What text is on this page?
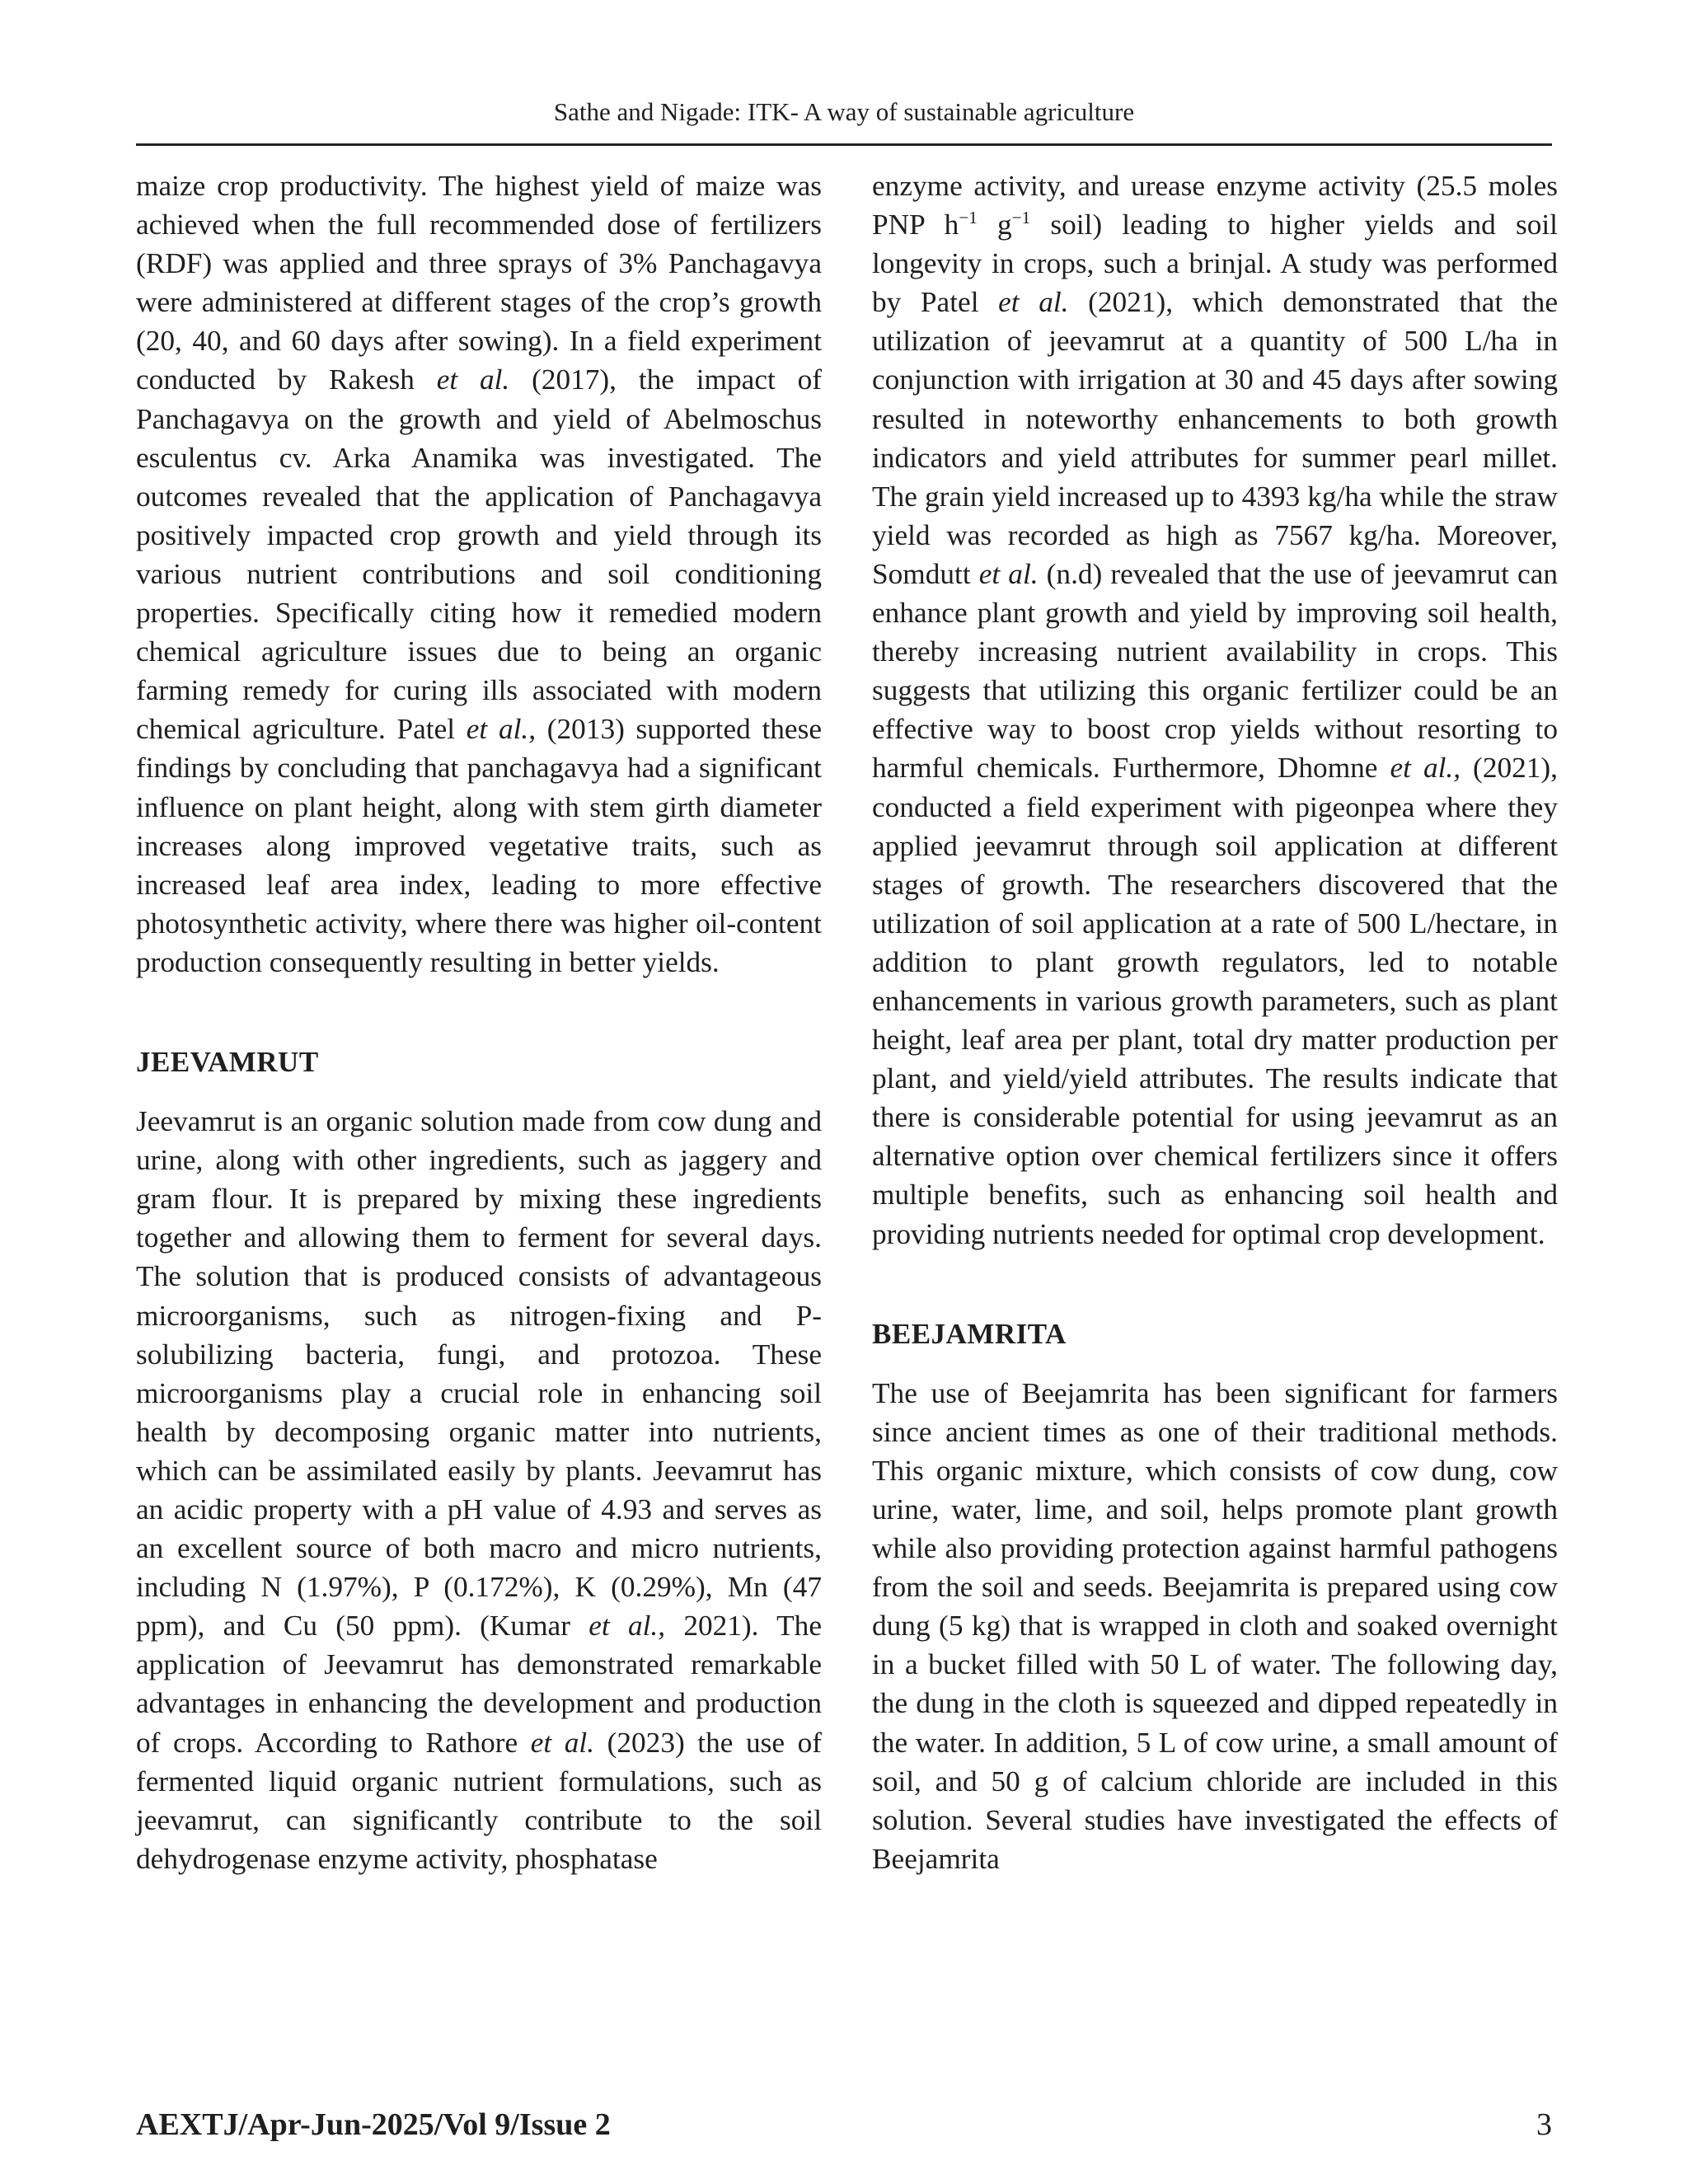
Sathe and Nigade: ITK- A way of sustainable agriculture

maize crop productivity. The highest yield of maize was achieved when the full recommended dose of fertilizers (RDF) was applied and three sprays of 3% Panchagavya were administered at different stages of the crop’s growth (20, 40, and 60 days after sowing). In a field experiment conducted by Rakesh et al. (2017), the impact of Panchagavya on the growth and yield of Abelmoschus esculentus cv. Arka Anamika was investigated. The outcomes revealed that the application of Panchagavya positively impacted crop growth and yield through its various nutrient contributions and soil conditioning properties. Specifically citing how it remedied modern chemical agriculture issues due to being an organic farming remedy for curing ills associated with modern chemical agriculture. Patel et al., (2013) supported these findings by concluding that panchagavya had a significant influence on plant height, along with stem girth diameter increases along improved vegetative traits, such as increased leaf area index, leading to more effective photosynthetic activity, where there was higher oil-content production consequently resulting in better yields.

JEEVAMRUT

Jeevamrut is an organic solution made from cow dung and urine, along with other ingredients, such as jaggery and gram flour. It is prepared by mixing these ingredients together and allowing them to ferment for several days. The solution that is produced consists of advantageous microorganisms, such as nitrogen-fixing and P-solubilizing bacteria, fungi, and protozoa. These microorganisms play a crucial role in enhancing soil health by decomposing organic matter into nutrients, which can be assimilated easily by plants. Jeevamrut has an acidic property with a pH value of 4.93 and serves as an excellent source of both macro and micro nutrients, including N (1.97%), P (0.172%), K (0.29%), Mn (47 ppm), and Cu (50 ppm). (Kumar et al., 2021). The application of Jeevamrut has demonstrated remarkable advantages in enhancing the development and production of crops. According to Rathore et al. (2023) the use of fermented liquid organic nutrient formulations, such as jeevamrut, can significantly contribute to the soil dehydrogenase enzyme activity, phosphatase

enzyme activity, and urease enzyme activity (25.5 moles PNP $h^{-1}$ $g^{-1}$ soil) leading to higher yields and soil longevity in crops, such a brinjal. A study was performed by Patel et al. (2021), which demonstrated that the utilization of jeevamrut at a quantity of 500 L/ha in conjunction with irrigation at 30 and 45 days after sowing resulted in noteworthy enhancements to both growth indicators and yield attributes for summer pearl millet. The grain yield increased up to 4393 kg/ha while the straw yield was recorded as high as 7567 kg/ha. Moreover, Somdutt et al. (n.d) revealed that the use of jeevamrut can enhance plant growth and yield by improving soil health, thereby increasing nutrient availability in crops. This suggests that utilizing this organic fertilizer could be an effective way to boost crop yields without resorting to harmful chemicals. Furthermore, Dhomne et al., (2021), conducted a field experiment with pigeonpea where they applied jeevamrut through soil application at different stages of growth. The researchers discovered that the utilization of soil application at a rate of 500 L/hectare, in addition to plant growth regulators, led to notable enhancements in various growth parameters, such as plant height, leaf area per plant, total dry matter production per plant, and yield/yield attributes. The results indicate that there is considerable potential for using jeevamrut as an alternative option over chemical fertilizers since it offers multiple benefits, such as enhancing soil health and providing nutrients needed for optimal crop development.

BEEJAMRITA

The use of Beejamrita has been significant for farmers since ancient times as one of their traditional methods. This organic mixture, which consists of cow dung, cow urine, water, lime, and soil, helps promote plant growth while also providing protection against harmful pathogens from the soil and seeds. Beejamrita is prepared using cow dung (5 kg) that is wrapped in cloth and soaked overnight in a bucket filled with 50 L of water. The following day, the dung in the cloth is squeezed and dipped repeatedly in the water. In addition, 5 L of cow urine, a small amount of soil, and 50 g of calcium chloride are included in this solution. Several studies have investigated the effects of Beejamrita

AEXTJ/Apr-Jun-2025/Vol 9/Issue 2	3
